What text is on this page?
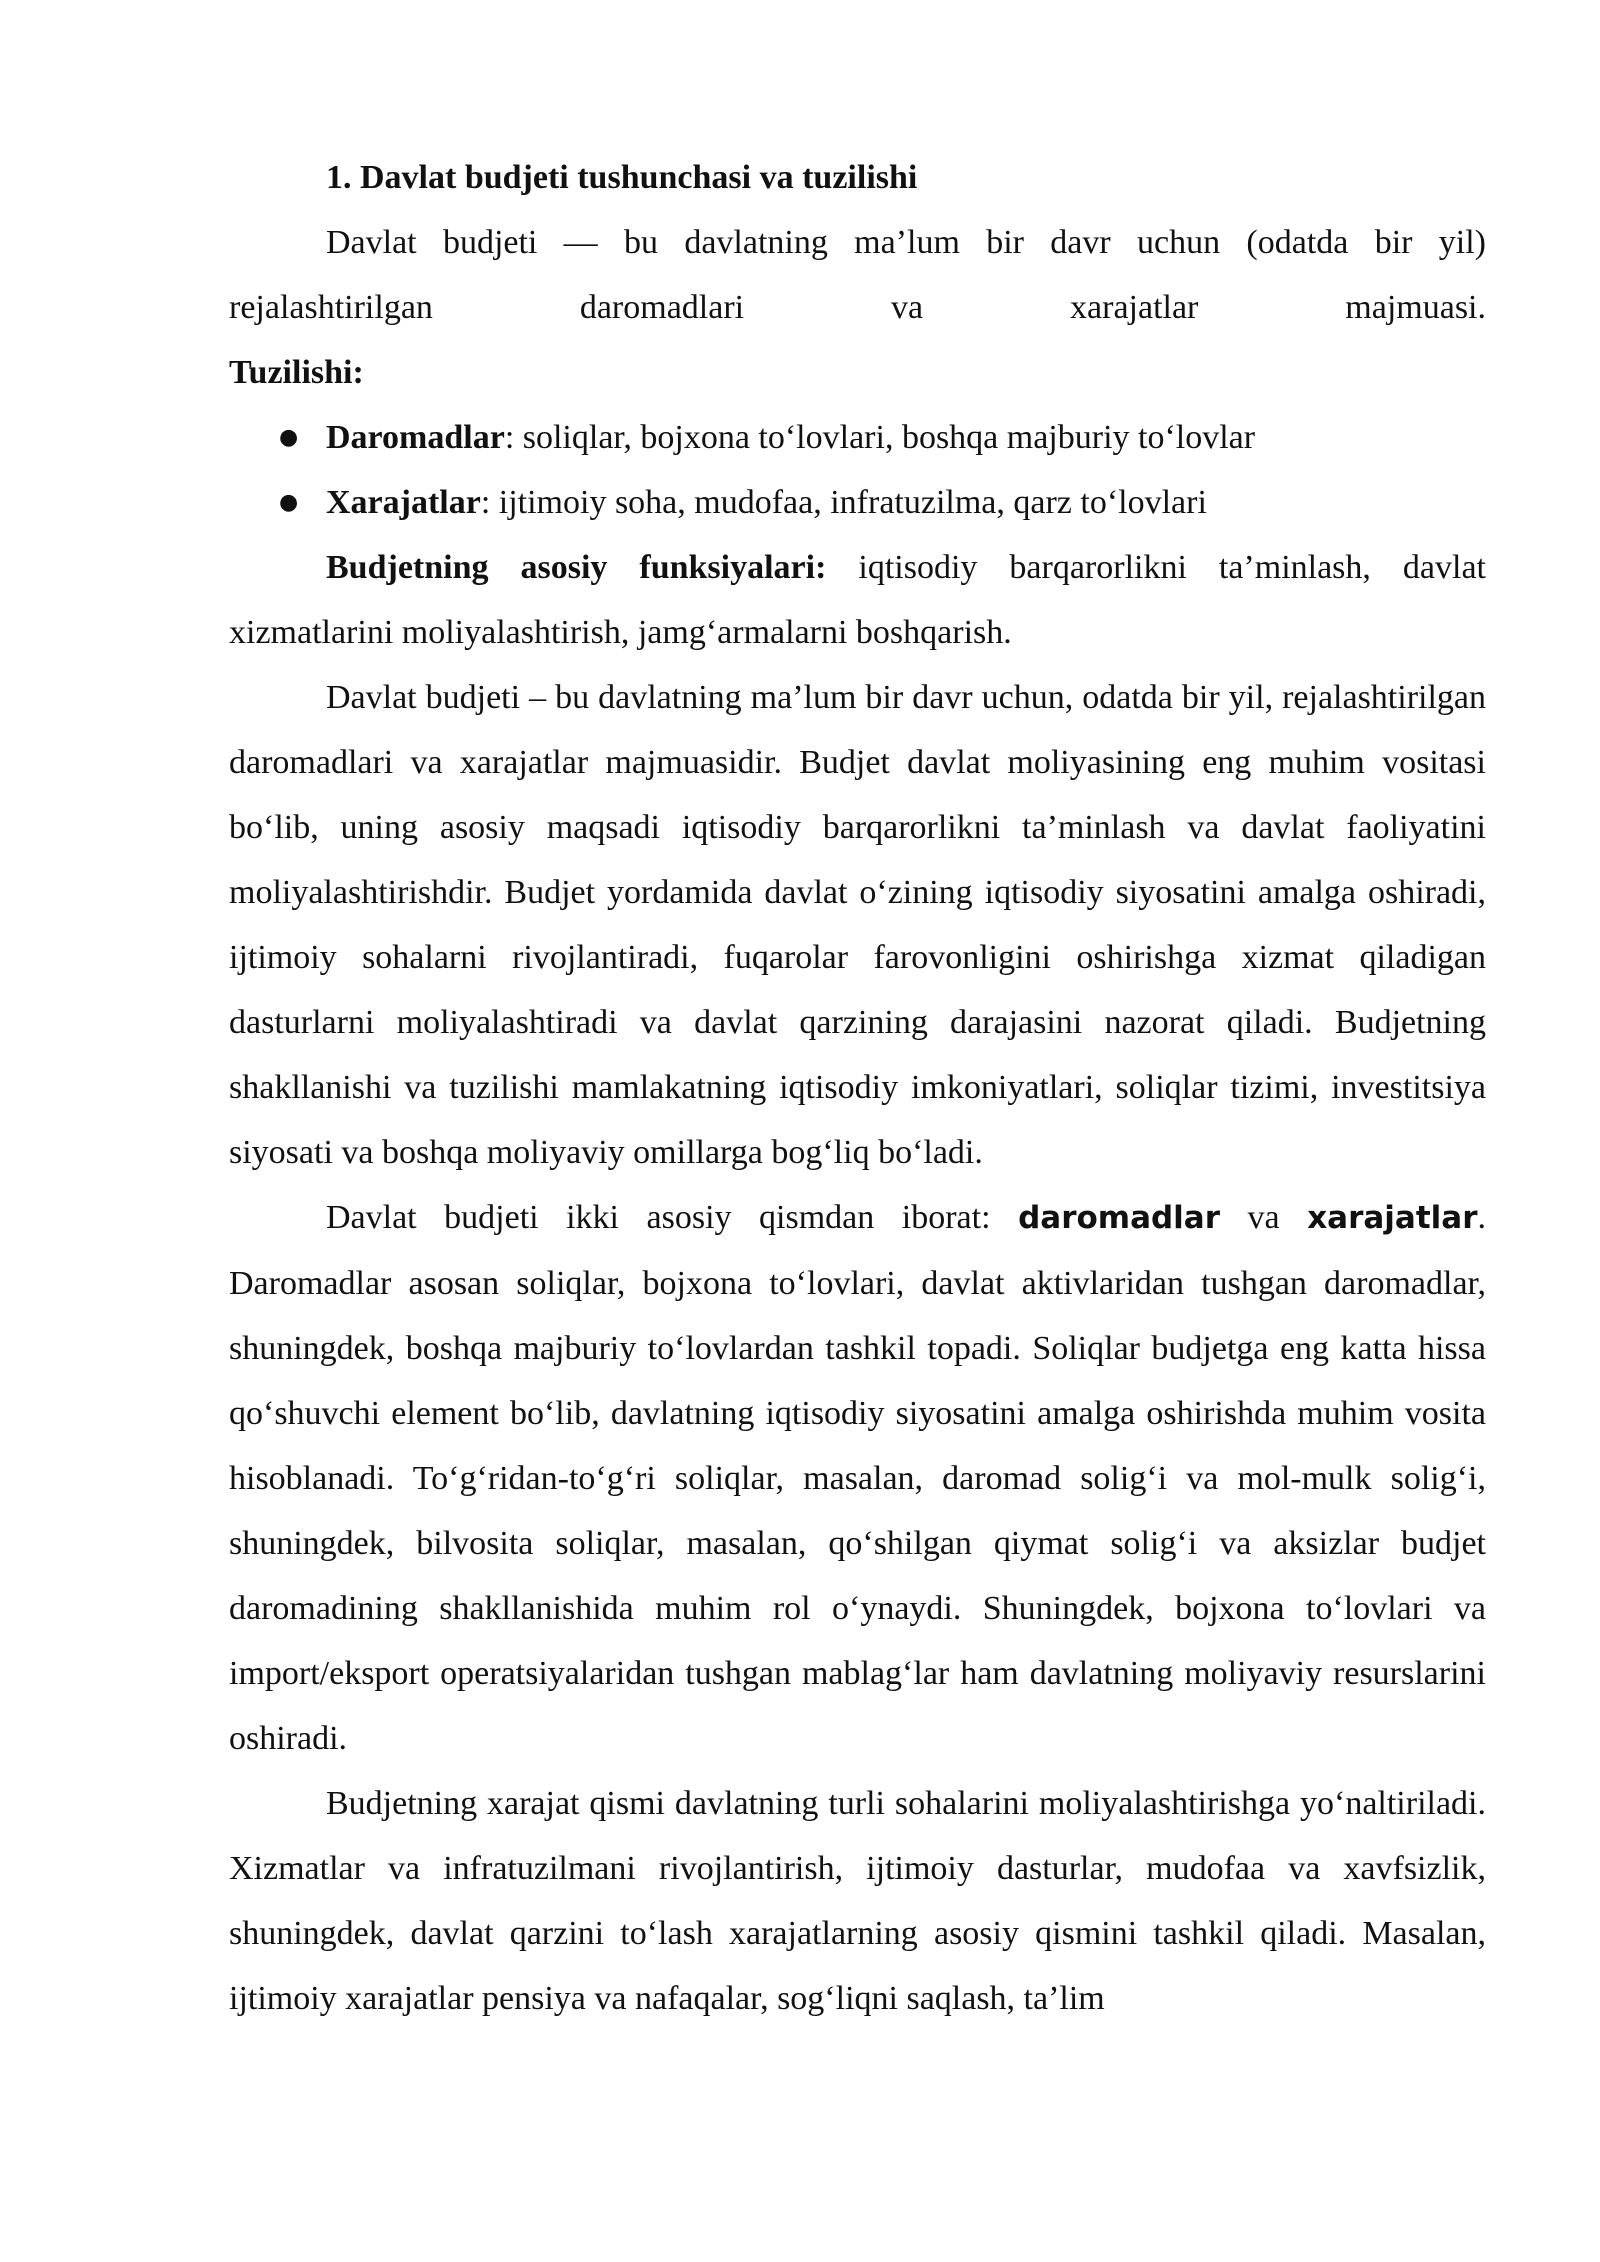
1. Davlat budjeti tushunchasi va tuzilishi

Davlat budjeti — bu davlatning ma’lum bir davr uchun (odatda bir yil)

rejalashtirilgan daromadlari va xarajatlar majmuasi.

Tuzilishi:

● Daromadlar: soliqlar, bojxona to‘lovlari, boshqa majburiy to‘lovlar
● Xarajatlar: ijtimoiy soha, mudofaa, infratuzilma, qarz to‘lovlari

Budjetning asosiy funksiyalari: iqtisodiy barqarorlikni ta’minlash, davlat xizmatlarini moliyalashtirish, jamg‘armalarni boshqarish.

Davlat budjeti – bu davlatning ma’lum bir davr uchun, odatda bir yil, rejalashtirilgan daromadlari va xarajatlar majmuasidir. Budjet davlat moliyasining eng muhim vositasi bo‘lib, uning asosiy maqsadi iqtisodiy barqarorlikni ta’minlash va davlat faoliyatini moliyalashtirishdir. Budjet yordamida davlat o‘zining iqtisodiy siyosatini amalga oshiradi, ijtimoiy sohalarni rivojlantiradi, fuqarolar farovonligini oshirishga xizmat qiladigan dasturlarni moliyalashtiradi va davlat qarzining darajasini nazorat qiladi. Budjetning shakllanishi va tuzilishi mamlakatning iqtisodiy imkoniyatlari, soliqlar tizimi, investitsiya siyosati va boshqa moliyaviy omillarga bog‘liq bo‘ladi.

Davlat budjeti ikki asosiy qismdan iborat: daromadlar va xarajatlar. Daromadlar asosan soliqlar, bojxona to‘lovlari, davlat aktivlaridan tushgan daromadlar, shuningdek, boshqa majburiy to‘lovlardan tashkil topadi. Soliqlar budjetga eng katta hissa qo‘shuvchi element bo‘lib, davlatning iqtisodiy siyosatini amalga oshirishda muhim vosita hisoblanadi. To‘g‘ridan-to‘g‘ri soliqlar, masalan, daromad solig‘i va mol-mulk solig‘i, shuningdek, bilvosita soliqlar, masalan, qo‘shilgan qiymat solig‘i va aksizlar budjet daromadining shakllanishida muhim rol o‘ynaydi. Shuningdek, bojxona to‘lovlari va import/eksport operatsiyalaridan tushgan mablag‘lar ham davlatning moliyaviy resurslarini oshiradi.

Budjetning xarajat qismi davlatning turli sohalarini moliyalashtirishga yo‘naltiriladi. Xizmatlar va infratuzilmani rivojlantirish, ijtimoiy dasturlar, mudofaa va xavfsizlik, shuningdek, davlat qarzini to‘lash xarajatlarning asosiy qismini tashkil qiladi. Masalan, ijtimoiy xarajatlar pensiya va nafaqalar, sog‘liqni saqlash, ta’lim
